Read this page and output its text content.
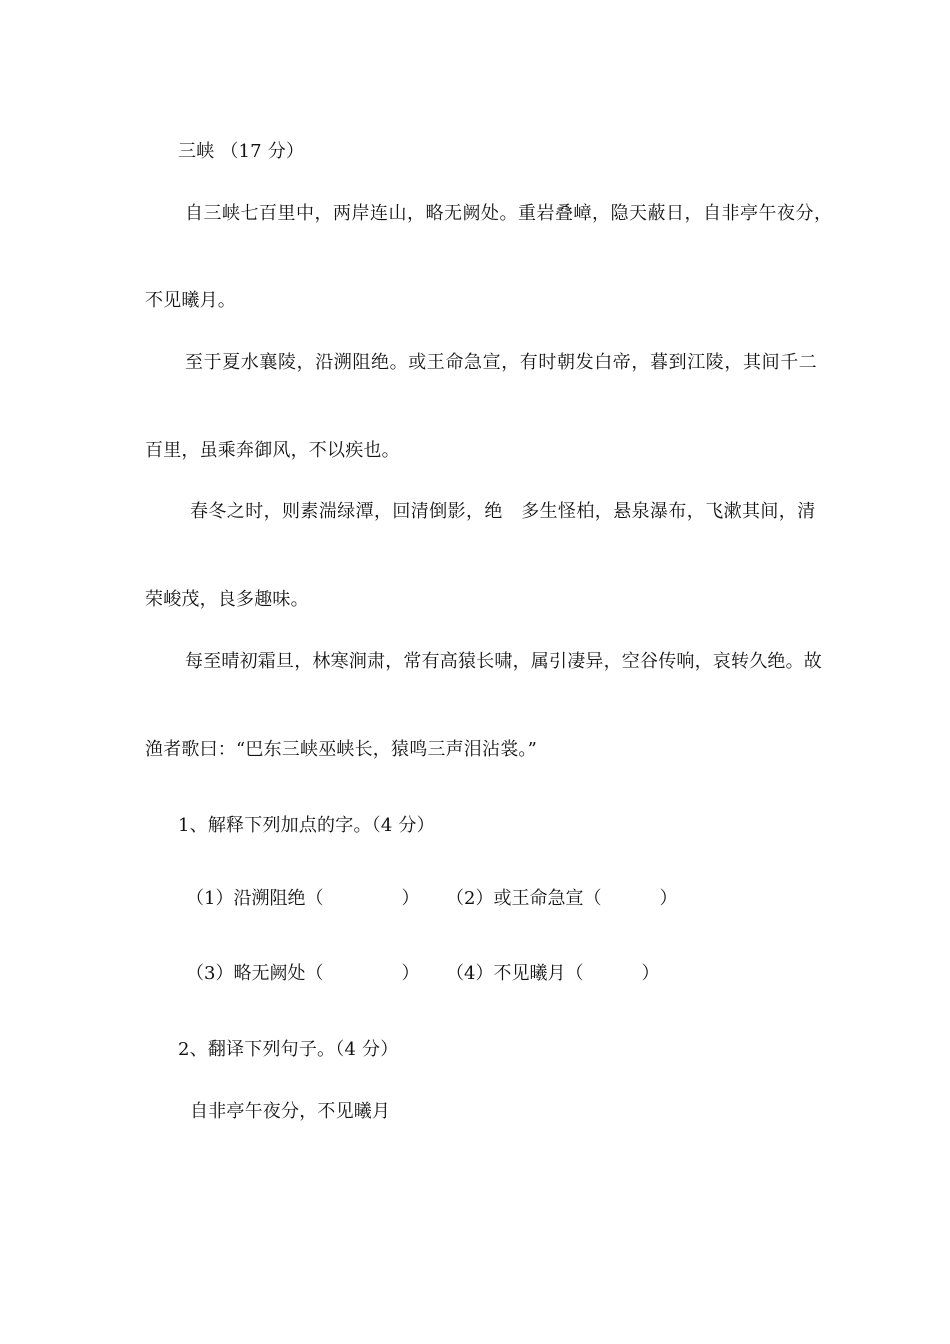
三峡 （17 分）
自三峡七百里中，两岸连山，略无阙处。重岩叠嶂，隐天蔽日，自非亭午夜分，
不见曦月。
至于夏水襄陵，沿溯阻绝。或王命急宣，有时朝发白帝，暮到江陵，其间千二
百里，虽乘奔御风，不以疾也。
春冬之时，则素湍绿潭，回清倒影，绝　多生怪柏，悬泉瀑布，飞漱其间，清
荣峻茂，良多趣味。
每至晴初霜旦，林寒涧肃，常有高猿长啸，属引凄异，空谷传响，哀转久绝。故
渔者歌曰：“巴东三峡巫峡长，猿鸣三声泪沾裳。”
1、解释下列加点的字。（4 分）
（1）沿溯阻绝（	） （2）或王命急宣（	）
（3）略无阙处（	） （4）不见曦月（	）
2、翻译下列句子。（4 分）
自非亭午夜分，不见曦月
